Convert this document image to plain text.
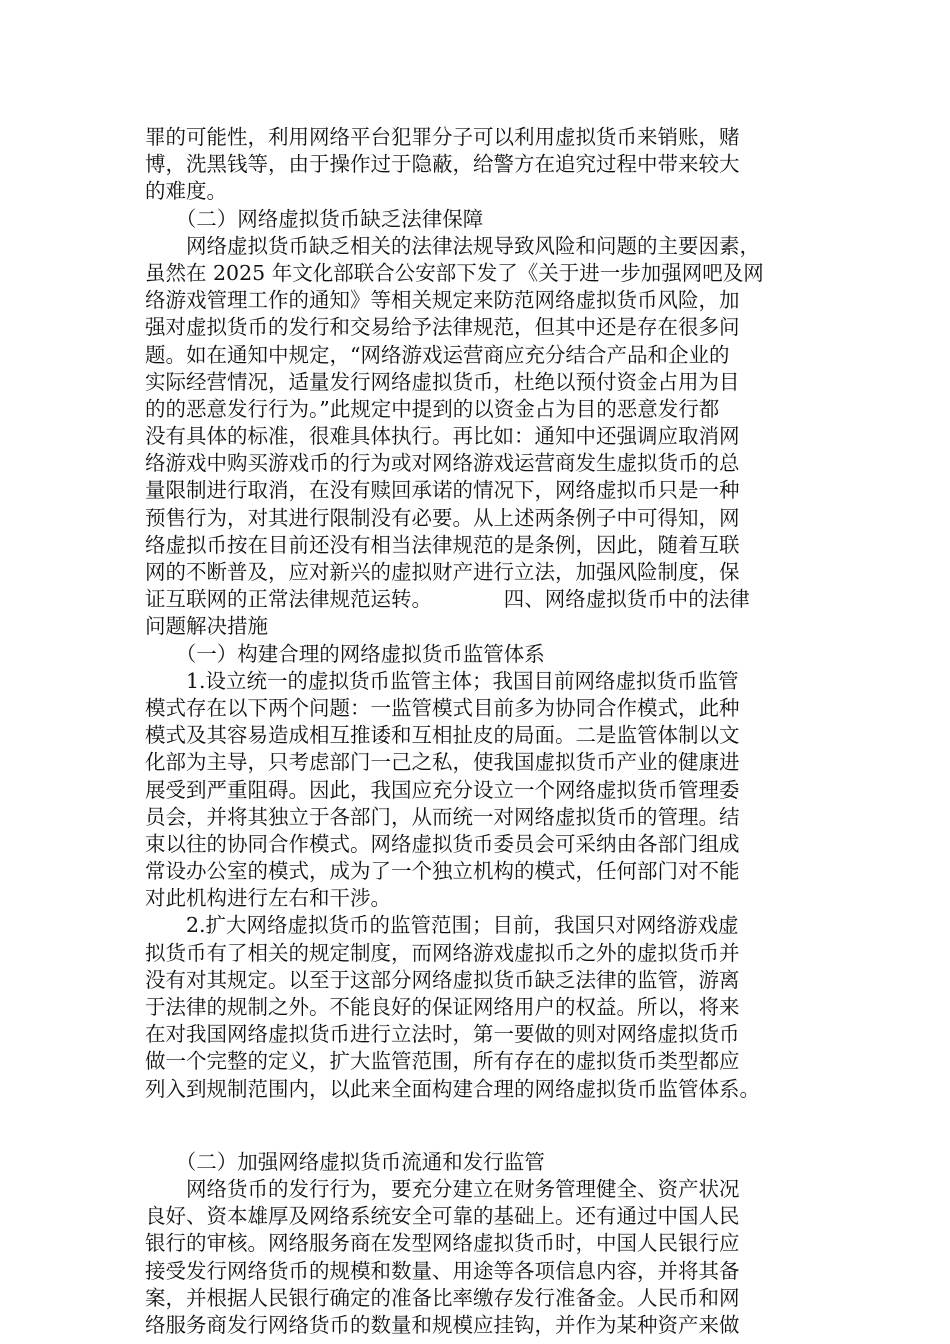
罪的可能性，利用网络平台犯罪分子可以利用虚拟货币来销账，赌
博，洗黑钱等，由于操作过于隐蔽，给警方在追究过程中带来较大
的难度。
　　（二）网络虚拟货币缺乏法律保障
　　网络虚拟货币缺乏相关的法律法规导致风险和问题的主要因素，
虽然在 2025 年文化部联合公安部下发了《关于进一步加强网吧及网
络游戏管理工作的通知》等相关规定来防范网络虚拟货币风险，加
强对虚拟货币的发行和交易给予法律规范，但其中还是存在很多问
题。如在通知中规定，“网络游戏运营商应充分结合产品和企业的
实际经营情况，适量发行网络虚拟货币，杜绝以预付资金占用为目
的的恶意发行行为。”此规定中提到的以资金占为目的恶意发行都
没有具体的标准，很难具体执行。再比如：通知中还强调应取消网
络游戏中购买游戏币的行为或对网络游戏运营商发生虚拟货币的总
量限制进行取消，在没有赎回承诺的情况下，网络虚拟币只是一种
预售行为，对其进行限制没有必要。从上述两条例子中可得知，网
络虚拟币按在目前还没有相当法律规范的是条例，因此，随着互联
网的不断普及，应对新兴的虚拟财产进行立法，加强风险制度，保
证互联网的正常法律规范运转。　　　　四、网络虚拟货币中的法律
问题解决措施
　　（一）构建合理的网络虚拟货币监管体系
　　1.设立统一的虚拟货币监管主体；我国目前网络虚拟货币监管
模式存在以下两个问题：一监管模式目前多为协同合作模式，此种
模式及其容易造成相互推诿和互相扯皮的局面。二是监管体制以文
化部为主导，只考虑部门一己之私，使我国虚拟货币产业的健康进
展受到严重阻碍。因此，我国应充分设立一个网络虚拟货币管理委
员会，并将其独立于各部门，从而统一对网络虚拟货币的管理。结
束以往的协同合作模式。网络虚拟货币委员会可采纳由各部门组成
常设办公室的模式，成为了一个独立机构的模式，任何部门对不能
对此机构进行左右和干涉。
　　2.扩大网络虚拟货币的监管范围；目前，我国只对网络游戏虚
拟货币有了相关的规定制度，而网络游戏虚拟币之外的虚拟货币并
没有对其规定。以至于这部分网络虚拟货币缺乏法律的监管，游离
于法律的规制之外。不能良好的保证网络用户的权益。所以，将来
在对我国网络虚拟货币进行立法时，第一要做的则对网络虚拟货币
做一个完整的定义，扩大监管范围，所有存在的虚拟货币类型都应
列入到规制范围内，以此来全面构建合理的网络虚拟货币监管体系。
　　（二）加强网络虚拟货币流通和发行监管
　　网络货币的发行行为，要充分建立在财务管理健全、资产状况
良好、资本雄厚及网络系统安全可靠的基础上。还有通过中国人民
银行的审核。网络服务商在发型网络虚拟货币时，中国人民银行应
接受发行网络货币的规模和数量、用途等各项信息内容，并将其备
案，并根据人民银行确定的准备比率缴存发行准备金。人民币和网
络服务商发行网络货币的数量和规模应挂钩，并作为某种资产来做
